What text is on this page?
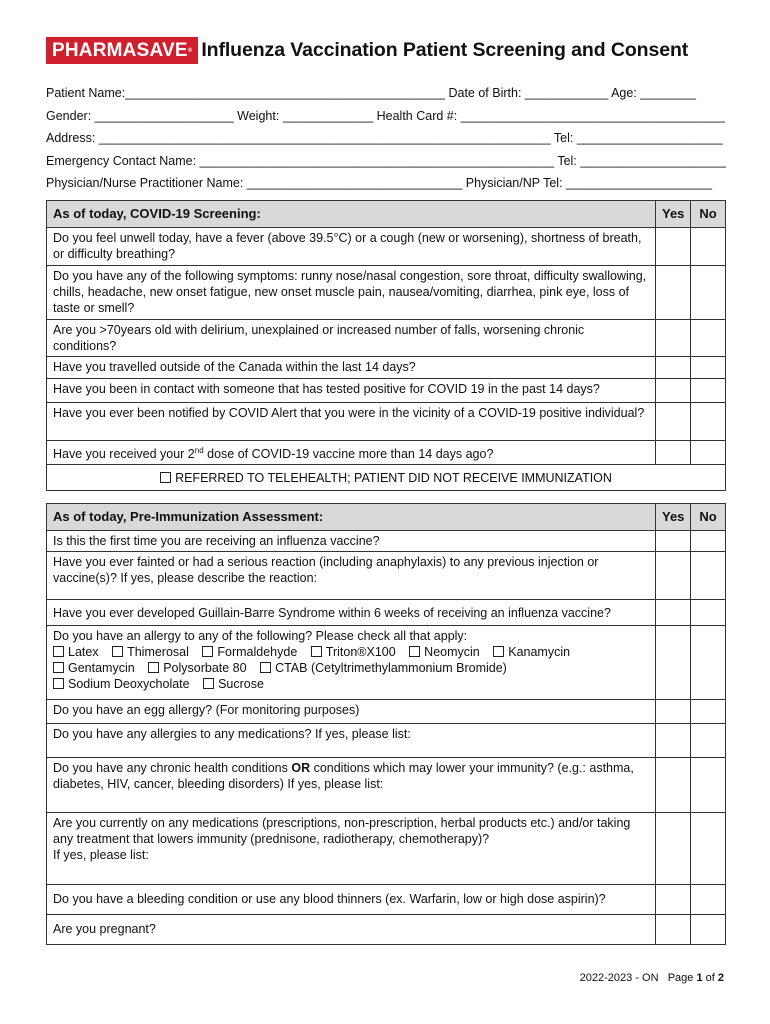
PHARMASAVE® Influenza Vaccination Patient Screening and Consent
Patient Name:______________________________________________ Date of Birth: ____________ Age: ________
Gender: ____________________ Weight: _____________ Health Card #: ______________________________________
Address: _________________________________________________________________ Tel: _____________________
Emergency Contact Name: ___________________________________________________ Tel: _____________________
Physician/Nurse Practitioner Name: _______________________________ Physician/NP Tel: _____________________
As of today, COVID-19 Screening:	Yes	No
Do you feel unwell today, have a fever (above 39.5°C) or a cough (new or worsening), shortness of breath, or difficulty breathing?		
Do you have any of the following symptoms: runny nose/nasal congestion, sore throat, difficulty swallowing, chills, headache, new onset fatigue, new onset muscle pain, nausea/vomiting, diarrhea, pink eye, loss of taste or smell?		
Are you >70years old with delirium, unexplained or increased number of falls, worsening chronic conditions?		
Have you travelled outside of the Canada within the last 14 days?		
Have you been in contact with someone that has tested positive for COVID 19 in the past 14 days?		
Have you ever been notified by COVID Alert that you were in the vicinity of a COVID-19 positive individual?		
Have you received your 2nd dose of COVID-19 vaccine more than 14 days ago?		
REFERRED TO TELEHEALTH; PATIENT DID NOT RECEIVE IMMUNIZATION		
As of today, Pre-Immunization Assessment:	Yes	No
Is this the first time you are receiving an influenza vaccine?		
Have you ever fainted or had a serious reaction (including anaphylaxis) to any previous injection or vaccine(s)? If yes, please describe the reaction:		
Have you ever developed Guillain-Barre Syndrome within 6 weeks of receiving an influenza vaccine?		

Do you have an allergy to any of the following? Please check all that apply:
Latex Thimerosal Formaldehyde Triton®X100 Neomycin Kanamycin
Gentamycin Polysorbate 80 CTAB (Cetyltrimethylammonium Bromide)
Sodium Deoxycholate Sucrose		

Do you have an egg allergy? (For monitoring purposes)		
Do you have any allergies to any medications? If yes, please list:		
Do you have any chronic health conditions OR conditions which may lower your immunity? (e.g.: asthma, diabetes, HIV, cancer, bleeding disorders) If yes, please list:		

Are you currently on any medications (prescriptions, non-prescription, herbal products etc.) and/or taking any treatment that lowers immunity (prednisone, radiotherapy, chemotherapy)?
If yes, please list:		

Do you have a bleeding condition or use any blood thinners (ex. Warfarin, low or high dose aspirin)?		
Are you pregnant?		
2022-2023 - ON   Page 1 of 2
